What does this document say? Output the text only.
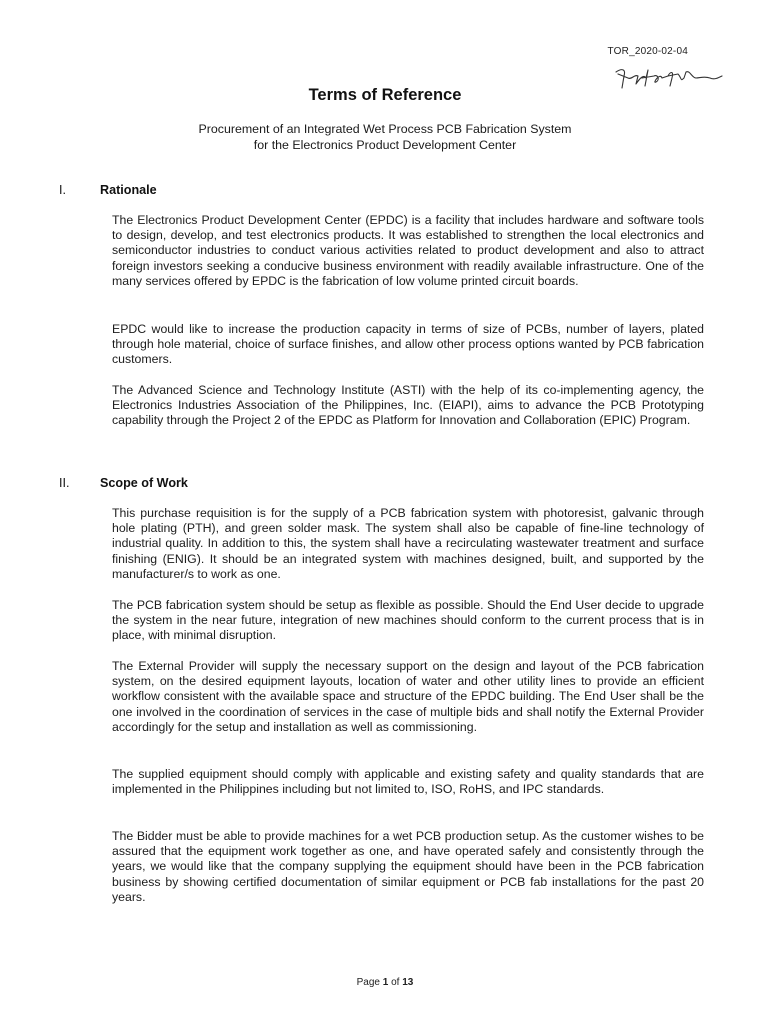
TOR_2020-02-04
Terms of Reference
Procurement of an Integrated Wet Process PCB Fabrication System
for the Electronics Product Development Center
I.	Rationale
The Electronics Product Development Center (EPDC) is a facility that includes hardware and software tools to design, develop, and test electronics products. It was established to strengthen the local electronics and semiconductor industries to conduct various activities related to product development and also to attract foreign investors seeking a conducive business environment with readily available infrastructure. One of the many services offered by EPDC is the fabrication of low volume printed circuit boards.
EPDC would like to increase the production capacity in terms of size of PCBs, number of layers, plated through hole material, choice of surface finishes, and allow other process options wanted by PCB fabrication customers.
The Advanced Science and Technology Institute (ASTI) with the help of its co-implementing agency, the Electronics Industries Association of the Philippines, Inc. (EIAPI), aims to advance the PCB Prototyping capability through the Project 2 of the EPDC as Platform for Innovation and Collaboration (EPIC) Program.
II.	Scope of Work
This purchase requisition is for the supply of a PCB fabrication system with photoresist, galvanic through hole plating (PTH), and green solder mask. The system shall also be capable of fine-line technology of industrial quality. In addition to this, the system shall have a recirculating wastewater treatment and surface finishing (ENIG). It should be an integrated system with machines designed, built, and supported by the manufacturer/s to work as one.
The PCB fabrication system should be setup as flexible as possible. Should the End User decide to upgrade the system in the near future, integration of new machines should conform to the current process that is in place, with minimal disruption.
The External Provider will supply the necessary support on the design and layout of the PCB fabrication system, on the desired equipment layouts, location of water and other utility lines to provide an efficient workflow consistent with the available space and structure of the EPDC building. The End User shall be the one involved in the coordination of services in the case of multiple bids and shall notify the External Provider accordingly for the setup and installation as well as commissioning.
The supplied equipment should comply with applicable and existing safety and quality standards that are implemented in the Philippines including but not limited to, ISO, RoHS, and IPC standards.
The Bidder must be able to provide machines for a wet PCB production setup. As the customer wishes to be assured that the equipment work together as one, and have operated safely and consistently through the years, we would like that the company supplying the equipment should have been in the PCB fabrication business by showing certified documentation of similar equipment or PCB fab installations for the past 20 years.
Page 1 of 13
